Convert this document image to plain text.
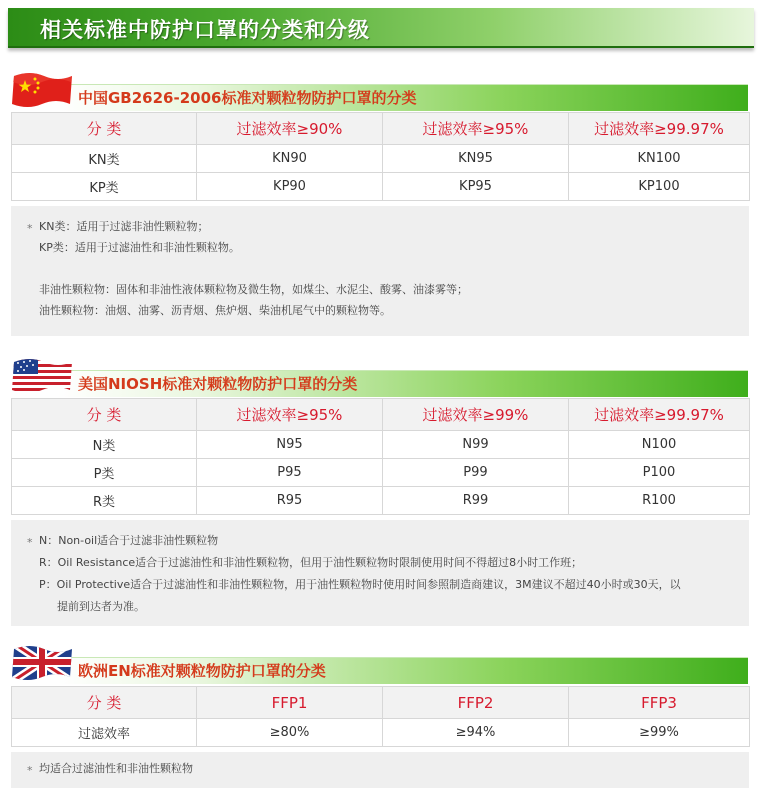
相关标准中防护口罩的分类和分级
中国GB2626-2006标准对颗粒物防护口罩的分类
分 类	过滤效率≥90%	过滤效率≥95%	过滤效率≥99.97%
KN类	KN90	KN95	KN100
KP类	KP90	KP95	KP100
* KN类：适用于过滤非油性颗粒物；
KP类：适用于过滤油性和非油性颗粒物。
非油性颗粒物：固体和非油性液体颗粒物及微生物，如煤尘、水泥尘、酸雾、油漆雾等；
油性颗粒物：油烟、油雾、沥青烟、焦炉烟、柴油机尾气中的颗粒物等。
美国NIOSH标准对颗粒物防护口罩的分类
分 类	过滤效率≥95%	过滤效率≥99%	过滤效率≥99.97%
N类	N95	N99	N100
P类	P95	P99	P100
R类	R95	R99	R100
* N：Non-oil适合于过滤非油性颗粒物
R：Oil Resistance适合于过滤油性和非油性颗粒物，但用于油性颗粒物时限制使用时间不得超过8小时工作班；
P：Oil Protective适合于过滤油性和非油性颗粒物，用于油性颗粒物时使用时间参照制造商建议，3M建议不超过40小时或30天，以
提前到达者为准。
欧洲EN标准对颗粒物防护口罩的分类
分 类	FFP1	FFP2	FFP3
过滤效率	≥80%	≥94%	≥99%
* 均适合过滤油性和非油性颗粒物
